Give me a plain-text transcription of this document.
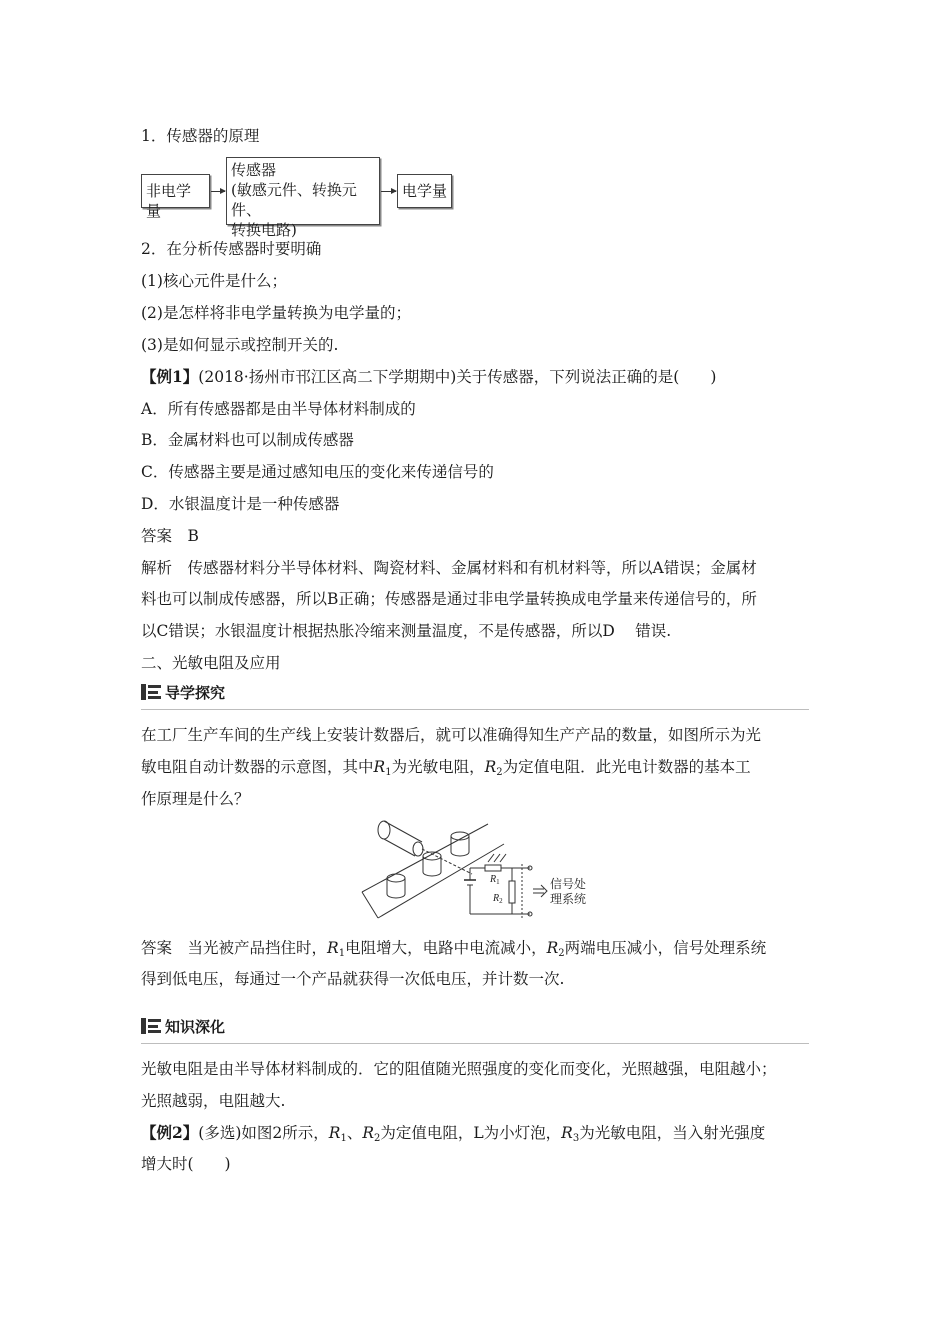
1．传感器的原理
非电学量
传感器
(敏感元件、转换元件、
转换电路)
电学量
2．在分析传感器时要明确
(1)核心元件是什么；
(2)是怎样将非电学量转换为电学量的；
(3)是如何显示或控制开关的.
【例1】(2018·扬州市邗江区高二下学期期中)关于传感器，下列说法正确的是(　　)
A．所有传感器都是由半导体材料制成的
B．金属材料也可以制成传感器
C．传感器主要是通过感知电压的变化来传递信号的
D．水银温度计是一种传感器
答案　B
解析　传感器材料分半导体材料、陶瓷材料、金属材料和有机材料等，所以A错误；金属材
料也可以制成传感器，所以B正确；传感器是通过非电学量转换成电学量来传递信号的，所
以C错误；水银温度计根据热胀冷缩来测量温度，不是传感器，所以D　 错误.
二、光敏电阻及应用
导学探究
在工厂生产车间的生产线上安装计数器后，就可以准确得知生产产品的数量，如图所示为光
敏电阻自动计数器的示意图，其中$R_1$为光敏电阻，$R_2$为定值电阻．此光电计数器的基本工
作原理是什么？
$R_1$
$R_2$
信号处
理系统
答案　当光被产品挡住时，$R_1$电阻增大，电路中电流减小，$R_2$两端电压减小，信号处理系统
得到低电压，每通过一个产品就获得一次低电压，并计数一次.
知识深化
光敏电阻是由半导体材料制成的．它的阻值随光照强度的变化而变化，光照越强，电阻越小；
光照越弱，电阻越大.
【例2】(多选)如图2所示，$R_1$、$R_2$为定值电阻，L为小灯泡，$R_3$为光敏电阻，当入射光强度
增大时(　　)
